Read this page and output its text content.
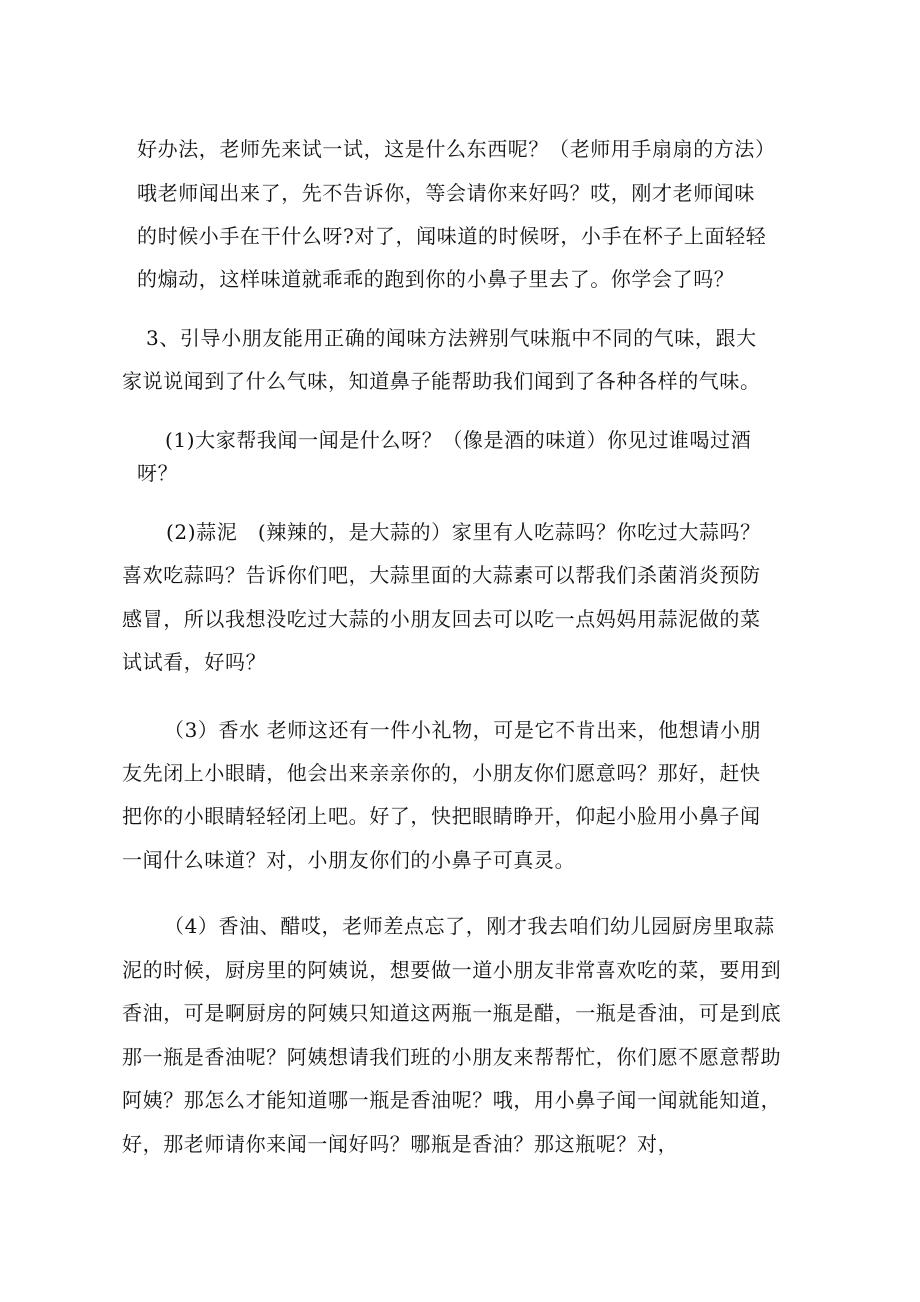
好办法，老师先来试一试，这是什么东西呢？（老师用手扇扇的方法）

哦老师闻出来了，先不告诉你，等会请你来好吗？哎，刚才老师闻味

的时候小手在干什么呀?对了，闻味道的时候呀，小手在杯子上面轻轻

的煽动，这样味道就乖乖的跑到你的小鼻子里去了。你学会了吗？

3、引导小朋友能用正确的闻味方法辨别气味瓶中不同的气味，跟大

家说说闻到了什么气味，知道鼻子能帮助我们闻到了各种各样的气味。

(1)大家帮我闻一闻是什么呀？（像是酒的味道）你见过谁喝过酒

呀？

(2)蒜泥　(辣辣的，是大蒜的）家里有人吃蒜吗？你吃过大蒜吗？

喜欢吃蒜吗？告诉你们吧，大蒜里面的大蒜素可以帮我们杀菌消炎预防

感冒，所以我想没吃过大蒜的小朋友回去可以吃一点妈妈用蒜泥做的菜

试试看，好吗？

（3）香水 老师这还有一件小礼物，可是它不肯出来，他想请小朋

友先闭上小眼睛，他会出来亲亲你的，小朋友你们愿意吗？那好，赶快

把你的小眼睛轻轻闭上吧。好了，快把眼睛睁开，仰起小脸用小鼻子闻

一闻什么味道？对，小朋友你们的小鼻子可真灵。

（4）香油、醋哎，老师差点忘了，刚才我去咱们幼儿园厨房里取蒜

泥的时候，厨房里的阿姨说，想要做一道小朋友非常喜欢吃的菜，要用到

香油，可是啊厨房的阿姨只知道这两瓶一瓶是醋，一瓶是香油，可是到底

那一瓶是香油呢？阿姨想请我们班的小朋友来帮帮忙，你们愿不愿意帮助

阿姨？那怎么才能知道哪一瓶是香油呢？哦，用小鼻子闻一闻就能知道，

好，那老师请你来闻一闻好吗？哪瓶是香油？那这瓶呢？对，
